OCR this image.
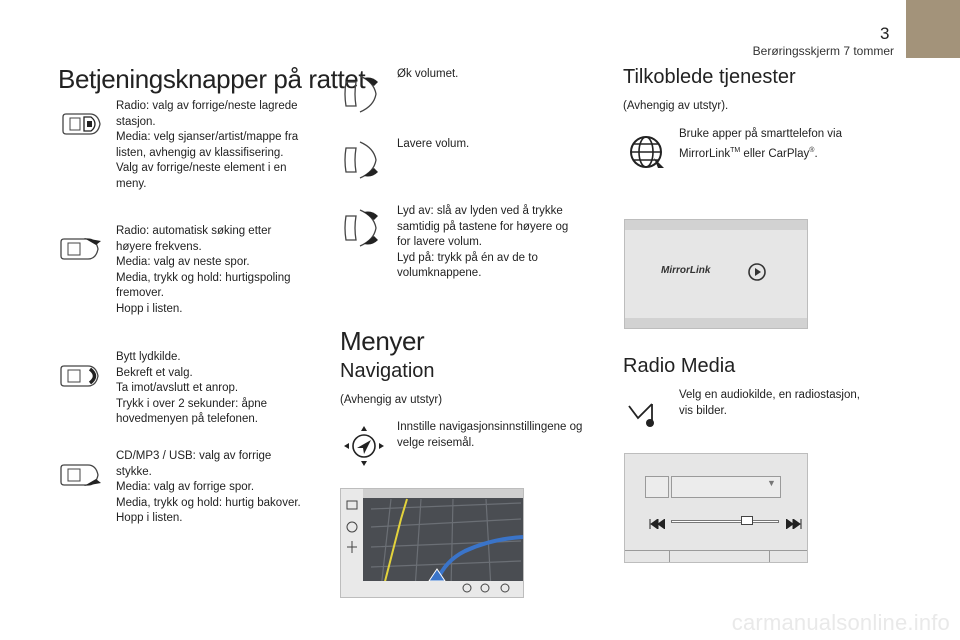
3
Berøringsskjerm 7 tommer
Betjeningsknapper på rattet
Radio: valg av forrige/neste lagrede
stasjon.
Media: velg sjanser/artist/mappe fra
listen, avhengig av klassifisering.
Valg av forrige/neste element i en
meny.
Radio: automatisk søking etter
høyere frekvens.
Media: valg av neste spor.
Media, trykk og hold: hurtigspoling
fremover.
Hopp i listen.
Bytt lydkilde.
Bekreft et valg.
Ta imot/avslutt et anrop.
Trykk i over 2 sekunder: åpne
hovedmenyen på telefonen.
CD/MP3 / USB: valg av forrige
stykke.
Media: valg av forrige spor.
Media, trykk og hold: hurtig bakover.
Hopp i listen.
Øk volumet.
Lavere volum.
Lyd av: slå av lyden ved å trykke
samtidig på tastene for høyere og
for lavere volum.
Lyd på: trykk på én av de to
volumknappene.
Menyer
Navigation
(Avhengig av utstyr)
Innstille navigasjonsinnstillingene og
velge reisemål.
Tilkoblede tjenester
(Avhengig av utstyr).
Bruke apper på smarttelefon via
MirrorLink™ eller CarPlay®.
MirrorLink
Radio Media
Velg en audiokilde, en radiostasjon,
vis bilder.
▼
carmanualsonline.info
